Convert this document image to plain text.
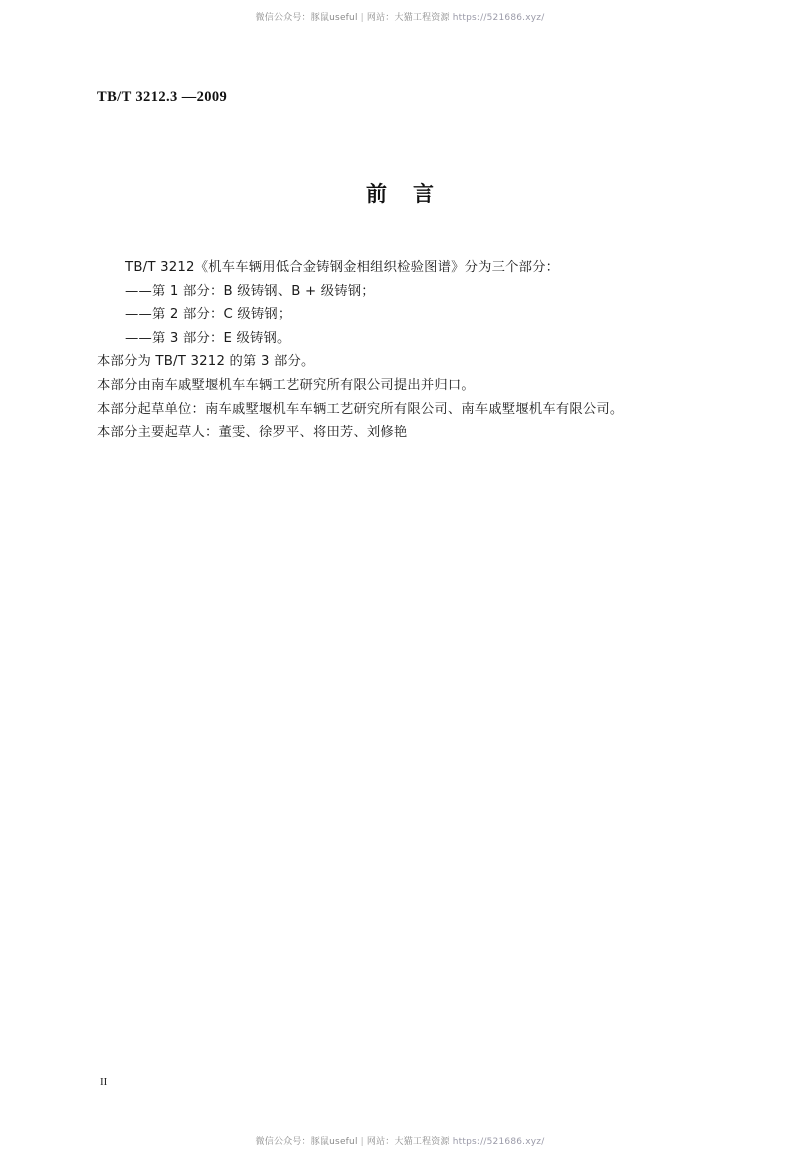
微信公众号：豚鼠useful | 网站：大猫工程资源 https://521686.xyz/
TB/T 3212.3 —2009
前言

TB/T 3212《机车车辆用低合金铸钢金相组织检验图谱》分为三个部分：

——第 1 部分：B 级铸钢、B + 级铸钢；

——第 2 部分：C 级铸钢；

——第 3 部分：E 级铸钢。

本部分为 TB/T 3212 的第 3 部分。

本部分由南车戚墅堰机车车辆工艺研究所有限公司提出并归口。

本部分起草单位：南车戚墅堰机车车辆工艺研究所有限公司、南车戚墅堰机车有限公司。

本部分主要起草人：董雯、徐罗平、将田芳、刘修艳

II
微信公众号：豚鼠useful | 网站：大猫工程资源 https://521686.xyz/
